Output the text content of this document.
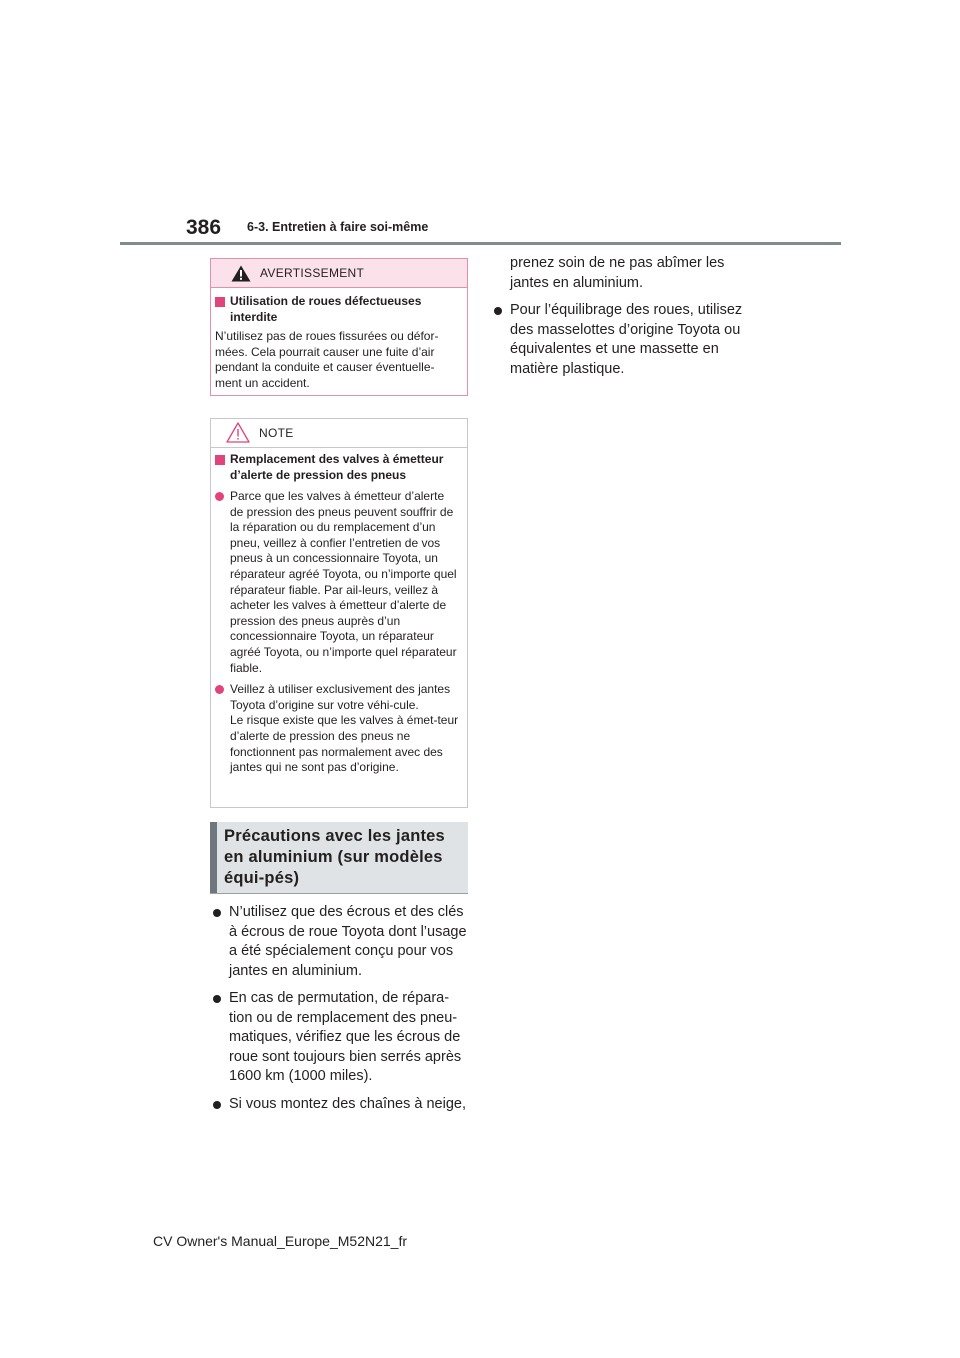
386 6-3. Entretien à faire soi-même
AVERTISSEMENT
Utilisation de roues défectueuses interdite

N’utilisez pas de roues fissurées ou défor-mées. Cela pourrait causer une fuite d’air pendant la conduite et causer éventuelle-ment un accident.

NOTE
Remplacement des valves à émetteur d’alerte de pression des pneus

Parce que les valves à émetteur d’alerte de pression des pneus peuvent souffrir de la réparation ou du remplacement d’un pneu, veillez à confier l’entretien de vos pneus à un concessionnaire Toyota, un réparateur agréé Toyota, ou n’importe quel réparateur fiable. Par ail-leurs, veillez à acheter les valves à émetteur d’alerte de pression des pneus auprès d’un concessionnaire Toyota, un réparateur agréé Toyota, ou n’importe quel réparateur fiable.

Veillez à utiliser exclusivement des jantes Toyota d’origine sur votre véhi-cule.

Le risque existe que les valves à émet-teur d’alerte de pression des pneus ne fonctionnent pas normalement avec des jantes qui ne sont pas d’origine.

Précautions avec les jantes en aluminium (sur modèles équi-pés)

N’utilisez que des écrous et des clés à écrous de roue Toyota dont l’usage a été spécialement conçu pour vos jantes en aluminium.

En cas de permutation, de répara-tion ou de remplacement des pneu-matiques, vérifiez que les écrous de roue sont toujours bien serrés après 1600 km (1000 miles).

Si vous montez des chaînes à neige,

prenez soin de ne pas abîmer les jantes en aluminium.

Pour l’équilibrage des roues, utilisez des masselottes d’origine Toyota ou équivalentes et une massette en matière plastique.

CV Owner's Manual_Europe_M52N21_fr
